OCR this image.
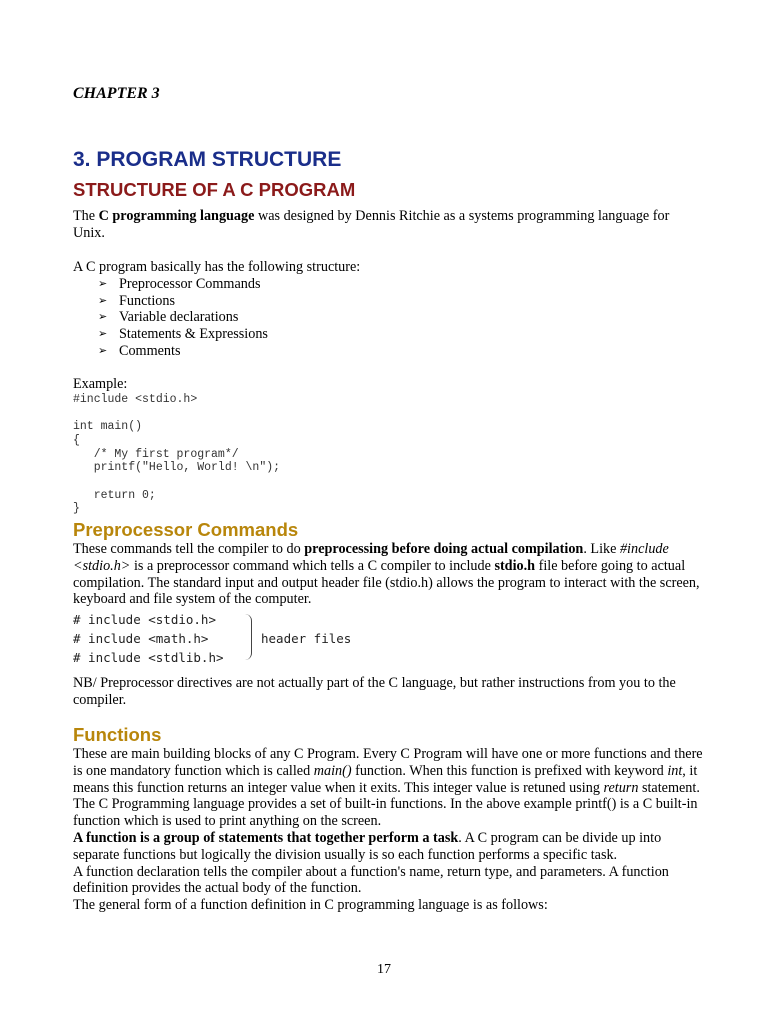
CHAPTER 3
3. PROGRAM STRUCTURE
STRUCTURE OF A C PROGRAM

The C programming language was designed by Dennis Ritchie as a systems programming language for Unix.

A C program basically has the following structure:

➢ Preprocessor Commands
➢ Functions
➢ Variable declarations
➢ Statements & Expressions
➢ Comments

Example:

#include <stdio.h>

int main()
{
/* My first program*/
printf("Hello, World! \n");

return 0;
}
Preprocessor Commands

These commands tell the compiler to do preprocessing before doing actual compilation. Like #include <stdio.h> is a preprocessor command which tells a C compiler to include stdio.h file before going to actual compilation. The standard input and output header file (stdio.h) allows the program to interact with the screen, keyboard and file system of the computer.

# include <stdio.h>
# include <math.h>
# include <stdlib.h>
header files

NB/ Preprocessor directives are not actually part of the C language, but rather instructions from you to the compiler.

Functions

These are main building blocks of any C Program. Every C Program will have one or more functions and there is one mandatory function which is called main() function. When this function is prefixed with keyword int, it means this function returns an integer value when it exits. This integer value is retuned using return statement.

The C Programming language provides a set of built-in functions. In the above example printf() is a C built-in function which is used to print anything on the screen.

A function is a group of statements that together perform a task. A C program can be divide up into separate functions but logically the division usually is so each function performs a specific task.

A function declaration tells the compiler about a function's name, return type, and parameters. A function definition provides the actual body of the function.

The general form of a function definition in C programming language is as follows:

17
